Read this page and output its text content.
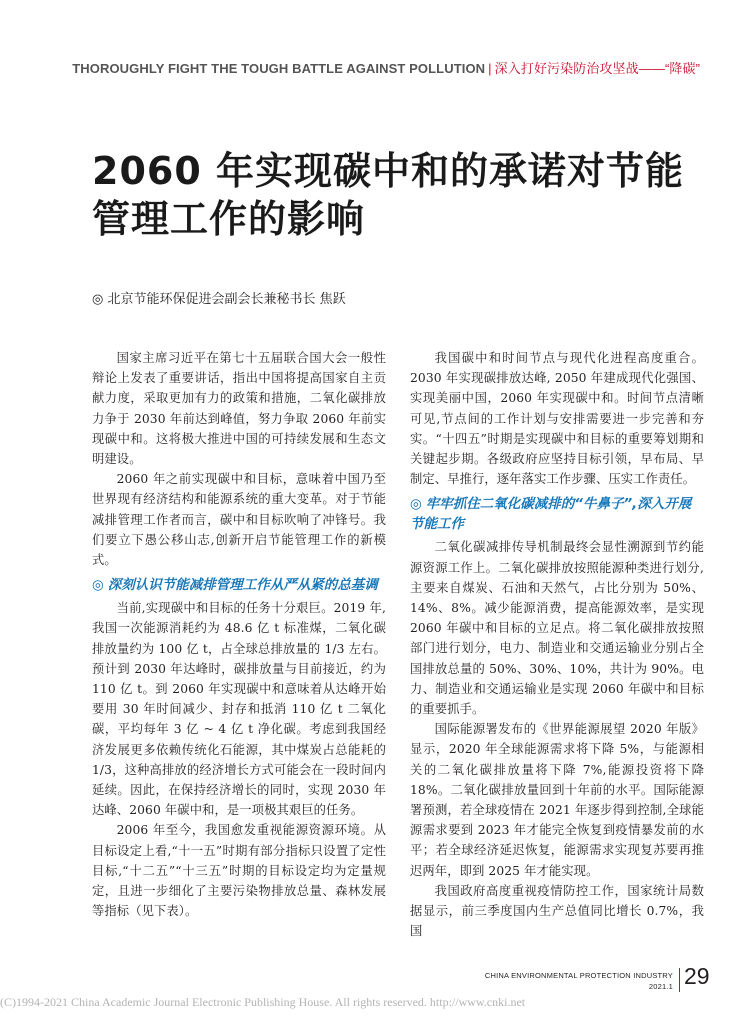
THOROUGHLY FIGHT THE TOUGH BATTLE AGAINST POLLUTION | 深入打好污染防治攻坚战——“降碳”
2060 年实现碳中和的承诺对节能管理工作的影响
◎ 北京节能环保促进会副会长兼秘书长 焦跃

国家主席习近平在第七十五届联合国大会一般性辩论上发表了重要讲话，指出中国将提高国家自主贡献力度，采取更加有力的政策和措施，二氧化碳排放力争于 2030 年前达到峰值，努力争取 2060 年前实现碳中和。这将极大推进中国的可持续发展和生态文明建设。

2060 年之前实现碳中和目标，意味着中国乃至世界现有经济结构和能源系统的重大变革。对于节能减排管理工作者而言，碳中和目标吹响了冲锋号。我们要立下愚公移山志,创新开启节能管理工作的新模式。

◎ 深刻认识节能减排管理工作从严从紧的总基调

当前,实现碳中和目标的任务十分艰巨。2019 年,我国一次能源消耗约为 48.6 亿 t 标准煤，二氧化碳排放量约为 100 亿 t，占全球总排放量的 1/3 左右。预计到 2030 年达峰时，碳排放量与目前接近，约为 110 亿 t。到 2060 年实现碳中和意味着从达峰开始要用 30 年时间减少、封存和抵消 110 亿 t 二氧化碳，平均每年 3 亿 ~ 4 亿 t 净化碳。考虑到我国经济发展更多依赖传统化石能源，其中煤炭占总能耗的 1/3，这种高排放的经济增长方式可能会在一段时间内延续。因此，在保持经济增长的同时，实现 2030 年达峰、2060 年碳中和，是一项极其艰巨的任务。

2006 年至今，我国愈发重视能源资源环境。从目标设定上看,“十一五”时期有部分指标只设置了定性目标,“十二五”“十三五”时期的目标设定均为定量规定，且进一步细化了主要污染物排放总量、森林发展等指标（见下表）。

我国碳中和时间节点与现代化进程高度重合。2030 年实现碳排放达峰, 2050 年建成现代化强国、实现美丽中国，2060 年实现碳中和。时间节点清晰可见,节点间的工作计划与安排需要进一步完善和夯实。“十四五”时期是实现碳中和目标的重要筹划期和关键起步期。各级政府应坚持目标引领，早布局、早制定、早推行，逐年落实工作步骤、压实工作责任。

◎ 牢牢抓住二氧化碳减排的“牛鼻子”,深入开展节能工作

二氧化碳减排传导机制最终会显性溯源到节约能源资源工作上。二氧化碳排放按照能源种类进行划分, 主要来自煤炭、石油和天然气，占比分别为 50%、14%、8%。减少能源消费，提高能源效率，是实现 2060 年碳中和目标的立足点。将二氧化碳排放按照部门进行划分，电力、制造业和交通运输业分别占全国排放总量的 50%、30%、10%，共计为 90%。电力、制造业和交通运输业是实现 2060 年碳中和目标的重要抓手。

国际能源署发布的《世界能源展望 2020 年版》显示，2020 年全球能源需求将下降 5%，与能源相关的二氧化碳排放量将下降 7%,能源投资将下降 18%。二氧化碳排放量回到十年前的水平。国际能源署预测，若全球疫情在 2021 年逐步得到控制,全球能源需求要到 2023 年才能完全恢复到疫情暴发前的水平；若全球经济延迟恢复，能源需求实现复苏要再推迟两年，即到 2025 年才能实现。

我国政府高度重视疫情防控工作，国家统计局数据显示，前三季度国内生产总值同比增长 0.7%，我国

CHINA ENVIRONMENTAL PROTECTION INDUSTRY
2021.1 29
(C)1994-2021 China Academic Journal Electronic Publishing House. All rights reserved. http://www.cnki.net
